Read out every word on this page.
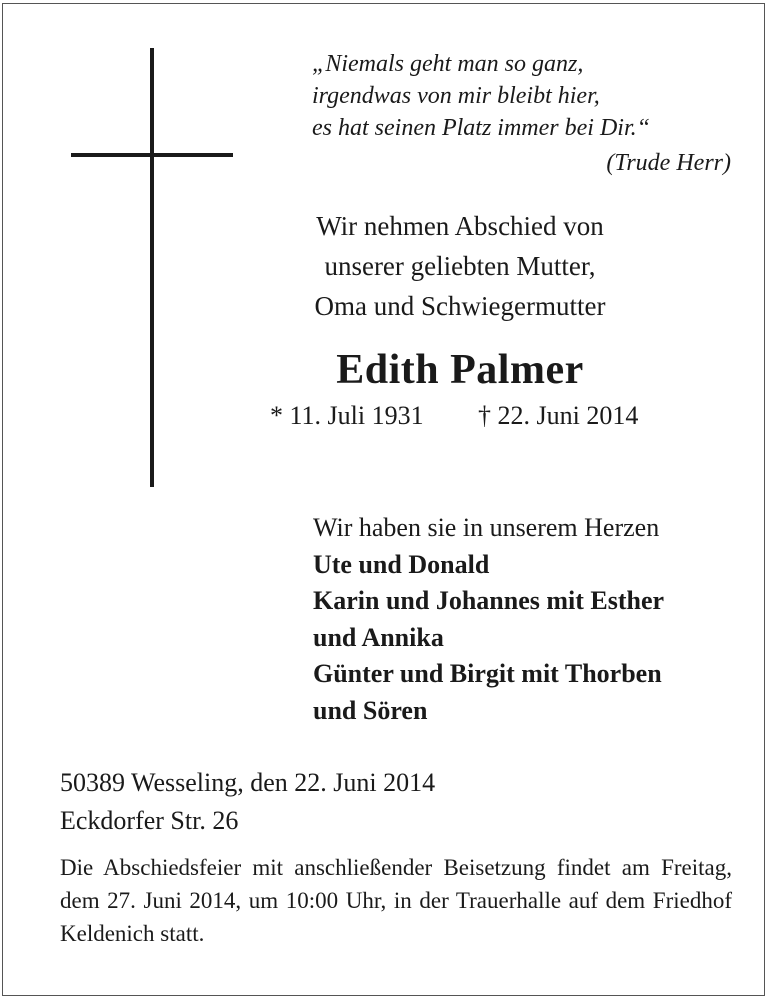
„Niemals geht man so ganz,
irgendwas von mir bleibt hier,
es hat seinen Platz immer bei Dir.“
(Trude Herr)
Wir nehmen Abschied von
unserer geliebten Mutter,
Oma und Schwiegermutter
Edith Palmer
* 11. Juli 1931 † 22. Juni 2014
Wir haben sie in unserem Herzen
Ute und Donald
Karin und Johannes mit Esther
und Annika
Günter und Birgit mit Thorben
und Sören
50389 Wesseling, den 22. Juni 2014
Eckdorfer Str. 26
Die Abschiedsfeier mit anschließender Beisetzung findet am Freitag, dem 27. Juni 2014, um 10:00 Uhr, in der Trauerhalle auf dem Friedhof Keldenich statt.
